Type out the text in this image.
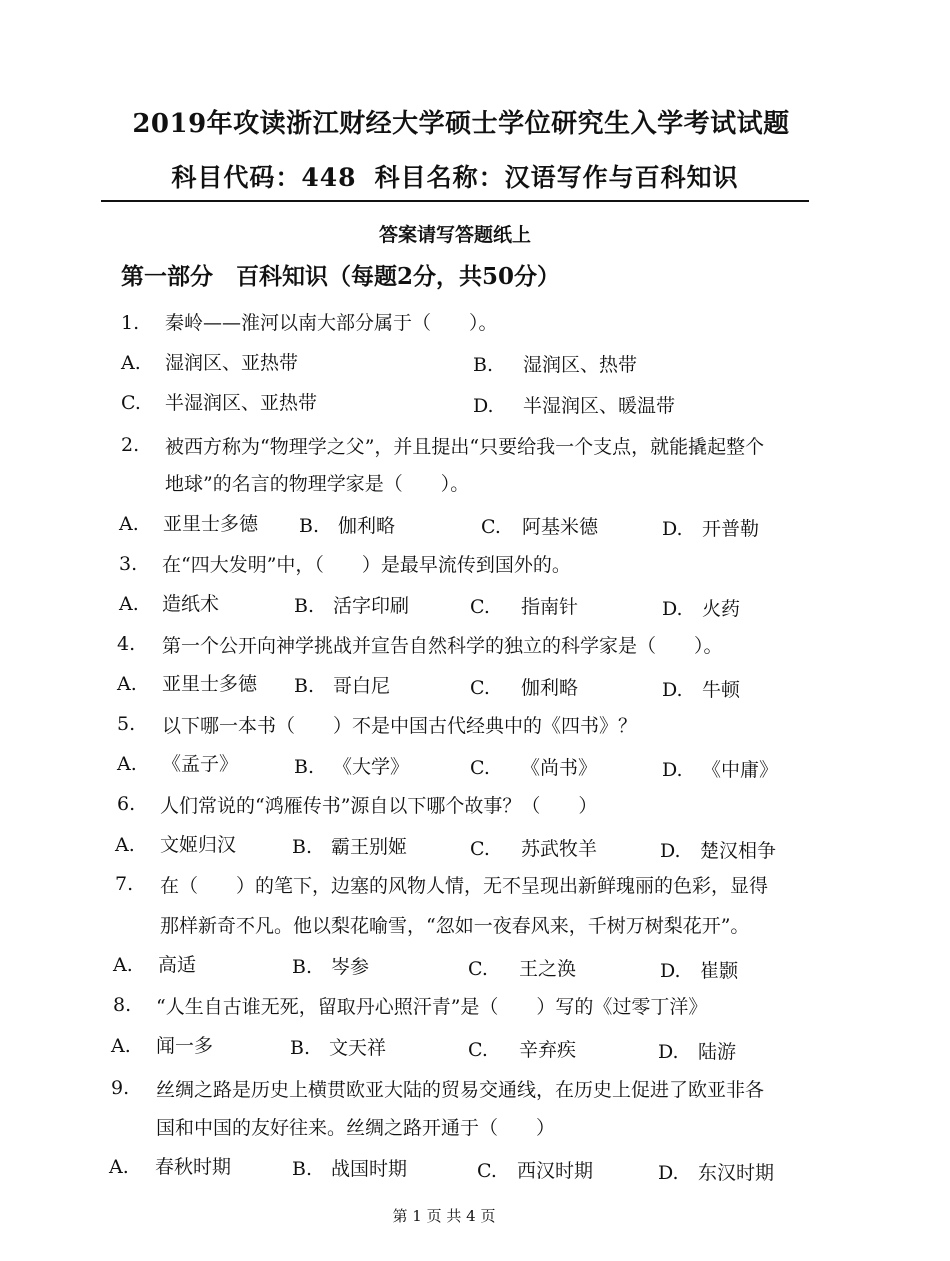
2019年攻读浙江财经大学硕士学位研究生入学考试试题
科目代码：448 科目名称：汉语写作与百科知识
答案请写答题纸上
第一部分　百科知识（每题2分，共50分）
1. 秦岭——淮河以南大部分属于（　　）。
A. 湿润区、亚热带	B. 湿润区、热带
C. 半湿润区、亚热带	D. 半湿润区、暖温带
2. 被西方称为“物理学之父”，并且提出“只要给我一个支点，就能撬起整个
地球”的名言的物理学家是（　　）。
A. 亚里士多德 B. 伽利略	C. 阿基米德	D. 开普勒
3. 在“四大发明”中，（　　）是最早流传到国外的。
A. 造纸术	B. 活字印刷	C. 指南针	D. 火药
4. 第一个公开向神学挑战并宣告自然科学的独立的科学家是（　　）。
A. 亚里士多德 B. 哥白尼	C. 伽利略	D. 牛顿
5. 以下哪一本书（　　）不是中国古代经典中的《四书》？
A. 《孟子》	B. 《大学》	C. 《尚书》	D. 《中庸》
6. 人们常说的“鸿雁传书”源自以下哪个故事？（　　）
A. 文姬归汉	B. 霸王别姬	C. 苏武牧羊	D. 楚汉相争
7. 在（　　）的笔下，边塞的风物人情，无不呈现出新鲜瑰丽的色彩，显得
那样新奇不凡。他以梨花喻雪，“忽如一夜春风来，千树万树梨花开”。
A. 高适	B. 岑参	C. 王之涣	D. 崔颢
8. “人生自古谁无死，留取丹心照汗青”是（　　）写的《过零丁洋》
A. 闻一多	B. 文天祥	C. 辛弃疾	D. 陆游
9. 丝绸之路是历史上横贯欧亚大陆的贸易交通线，在历史上促进了欧亚非各
国和中国的友好往来。丝绸之路开通于（　　）
A. 春秋时期	B. 战国时期	C. 西汉时期	D. 东汉时期
第 1 页 共 4 页
